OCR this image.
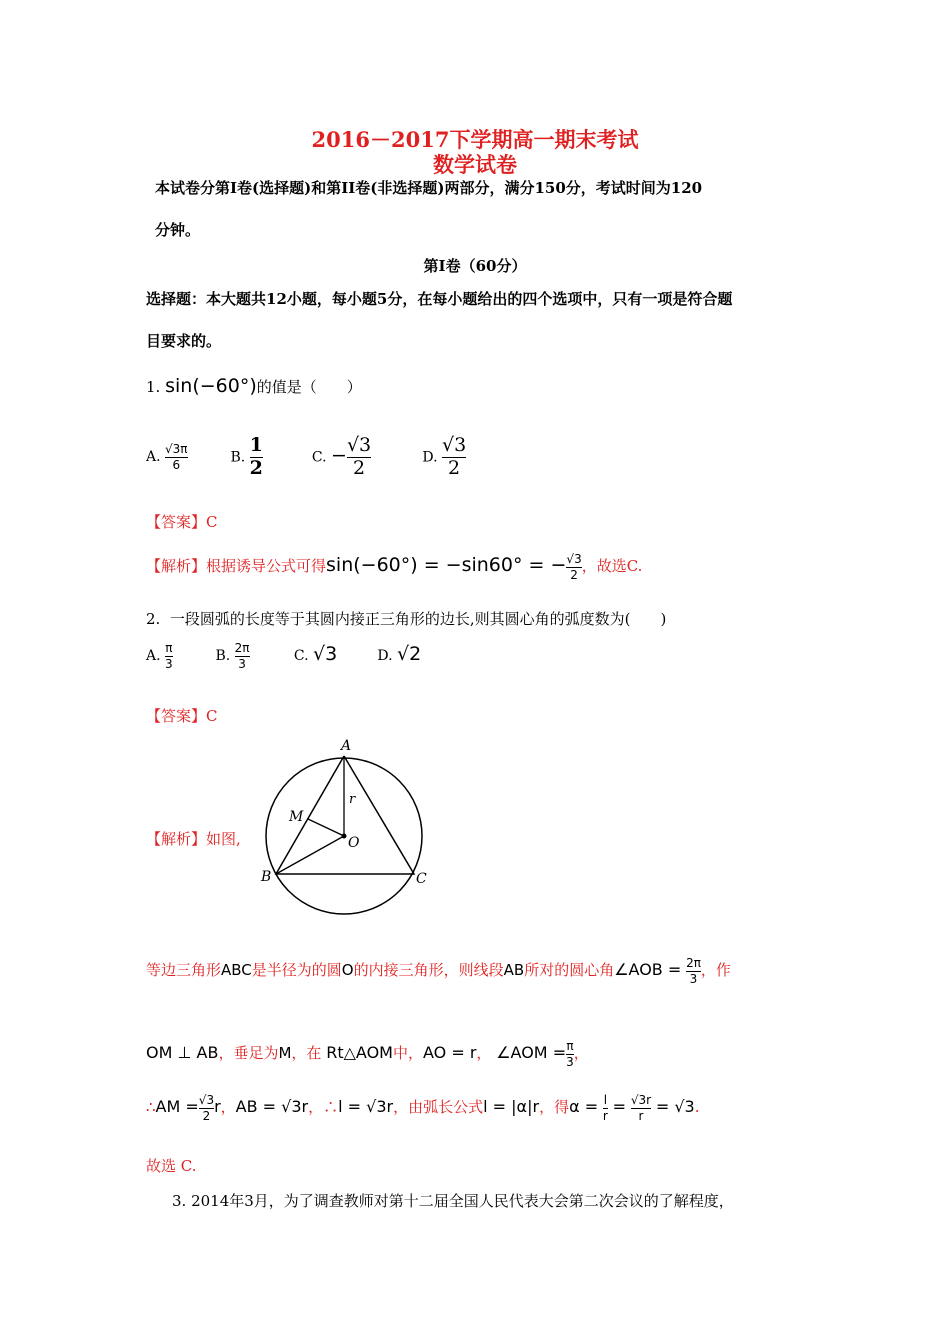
2016－2017下学期高一期末考试
数学试卷
本试卷分第Ⅰ卷(选择题)和第II卷(非选择题)两部分，满分150分，考试时间为120
分钟。
第Ⅰ卷（60分）
选择题：本大题共12小题，每小题5分，在每小题给出的四个选项中，只有一项是符合题
目要求的。
1. sin(−60°)的值是（　　）
A. $\frac{√3\pi}{6}$	B. $\frac{1}{2}$	C. − $\frac{√3}{2}$	D. $\frac{√3}{2}$
【答案】C
【解析】根据诱导公式可得sin(−60°) = −sin60° = − $\frac{√3}{2}$ ，故选C.
2. 一段圆弧的长度等于其圆内接正三角形的边长,则其圆心角的弧度数为(　　)
A. $\frac{\pi}{3}$	B. $\frac{2\pi}{3}$	C. √3	D. √2
【答案】C
【解析】如图,
A
B	C
M
O
r
等边三角形ABC是半径为的圆O的内接三角形，则线段AB所对的圆心角∠AOB = $\frac{2\pi}{3}$ ，作
OM ⊥ AB，垂足为M，在 Rt△AOM中，AO = r， ∠AOM = $\frac{\pi}{3}$ ，
∴AM = $\frac{√3}{2}$ r，AB = √3r，∴l = √3r，由弧长公式l = |α|r，得$\alpha = \frac{l}{r} = \frac{√3r}{r} = √3$.
故选 C.
3. 2014年3月，为了调查教师对第十二届全国人民代表大会第二次会议的了解程度，
